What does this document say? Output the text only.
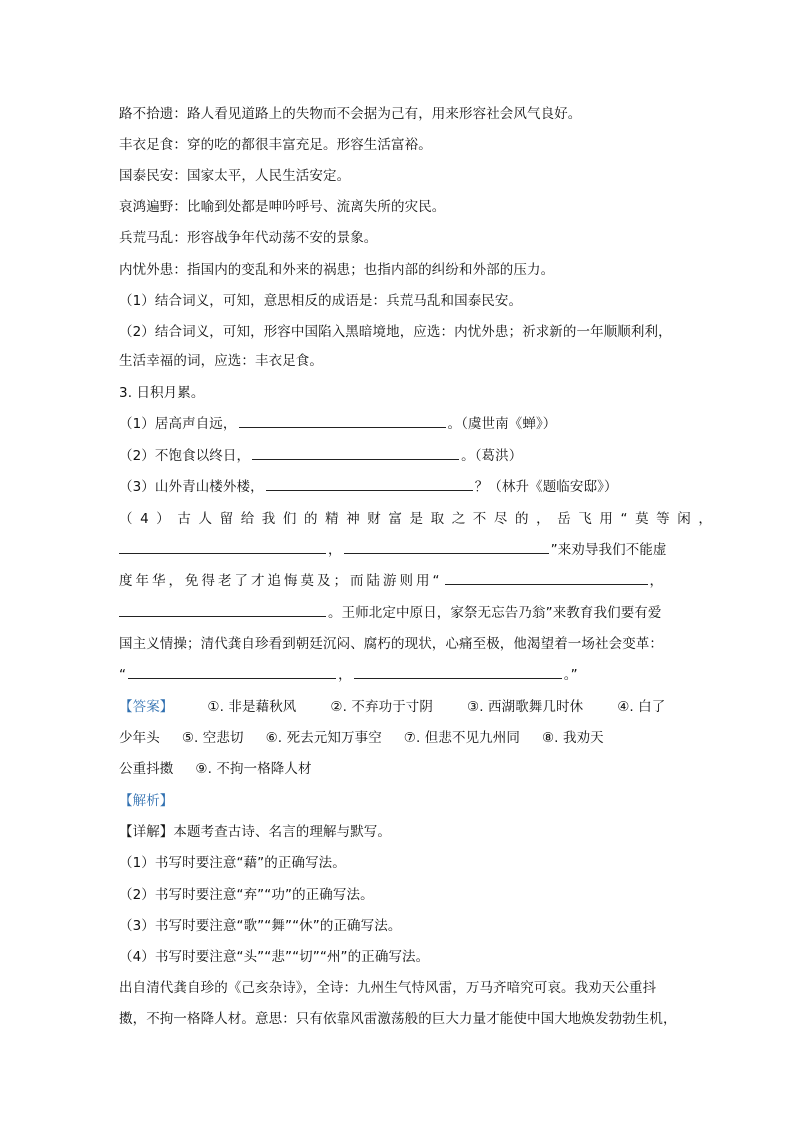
路不拾遗：路人看见道路上的失物而不会据为己有，用来形容社会风气良好。
丰衣足食：穿的吃的都很丰富充足。形容生活富裕。
国泰民安：国家太平，人民生活安定。
哀鸿遍野：比喻到处都是呻吟呼号、流离失所的灾民。
兵荒马乱：形容战争年代动荡不安的景象。
内忧外患：指国内的变乱和外来的祸患；也指内部的纠纷和外部的压力。
（1）结合词义，可知，意思相反的成语是：兵荒马乱和国泰民安。
（2）结合词义，可知，形容中国陷入黑暗境地，应选：内忧外患；祈求新的一年顺顺利利，
生活幸福的词，应选：丰衣足食。
3. 日积月累。
（1）居高声自远，	。（虞世南《蝉》）
（2）不饱食以终日，	。（葛洪）
（3）山外青山楼外楼，	？（林升《题临安邸》）
（4）古人留给我们的精神财富是取之不尽的，岳飞用“莫等闲，
，	”来劝导我们不能虚
度年华，免得老了才追悔莫及；而陆游则用“	，
。王师北定中原日，家祭无忘告乃翁”来教育我们要有爱
国主义情操；清代龚自珍看到朝廷沉闷、腐朽的现状，心痛至极，他渴望着一场社会变革：
“	，	。”
【答案】	①. 非是藉秋风	②. 不弃功于寸阴	③. 西湖歌舞几时休	④. 白了
少年头 ⑤. 空悲切 ⑥. 死去元知万事空 ⑦. 但悲不见九州同 ⑧. 我劝天
公重抖擞 ⑨. 不拘一格降人材
【解析】
【详解】本题考查古诗、名言的理解与默写。
（1）书写时要注意“藉”的正确写法。
（2）书写时要注意“弃”“功”的正确写法。
（3）书写时要注意“歌”“舞”“休”的正确写法。
（4）书写时要注意“头”“悲”“切”“州”的正确写法。
出自清代龚自珍的《己亥杂诗》，全诗：九州生气恃风雷，万马齐喑究可哀。我劝天公重抖
擞，不拘一格降人材。意思：只有依靠风雷激荡般的巨大力量才能使中国大地焕发勃勃生机，
